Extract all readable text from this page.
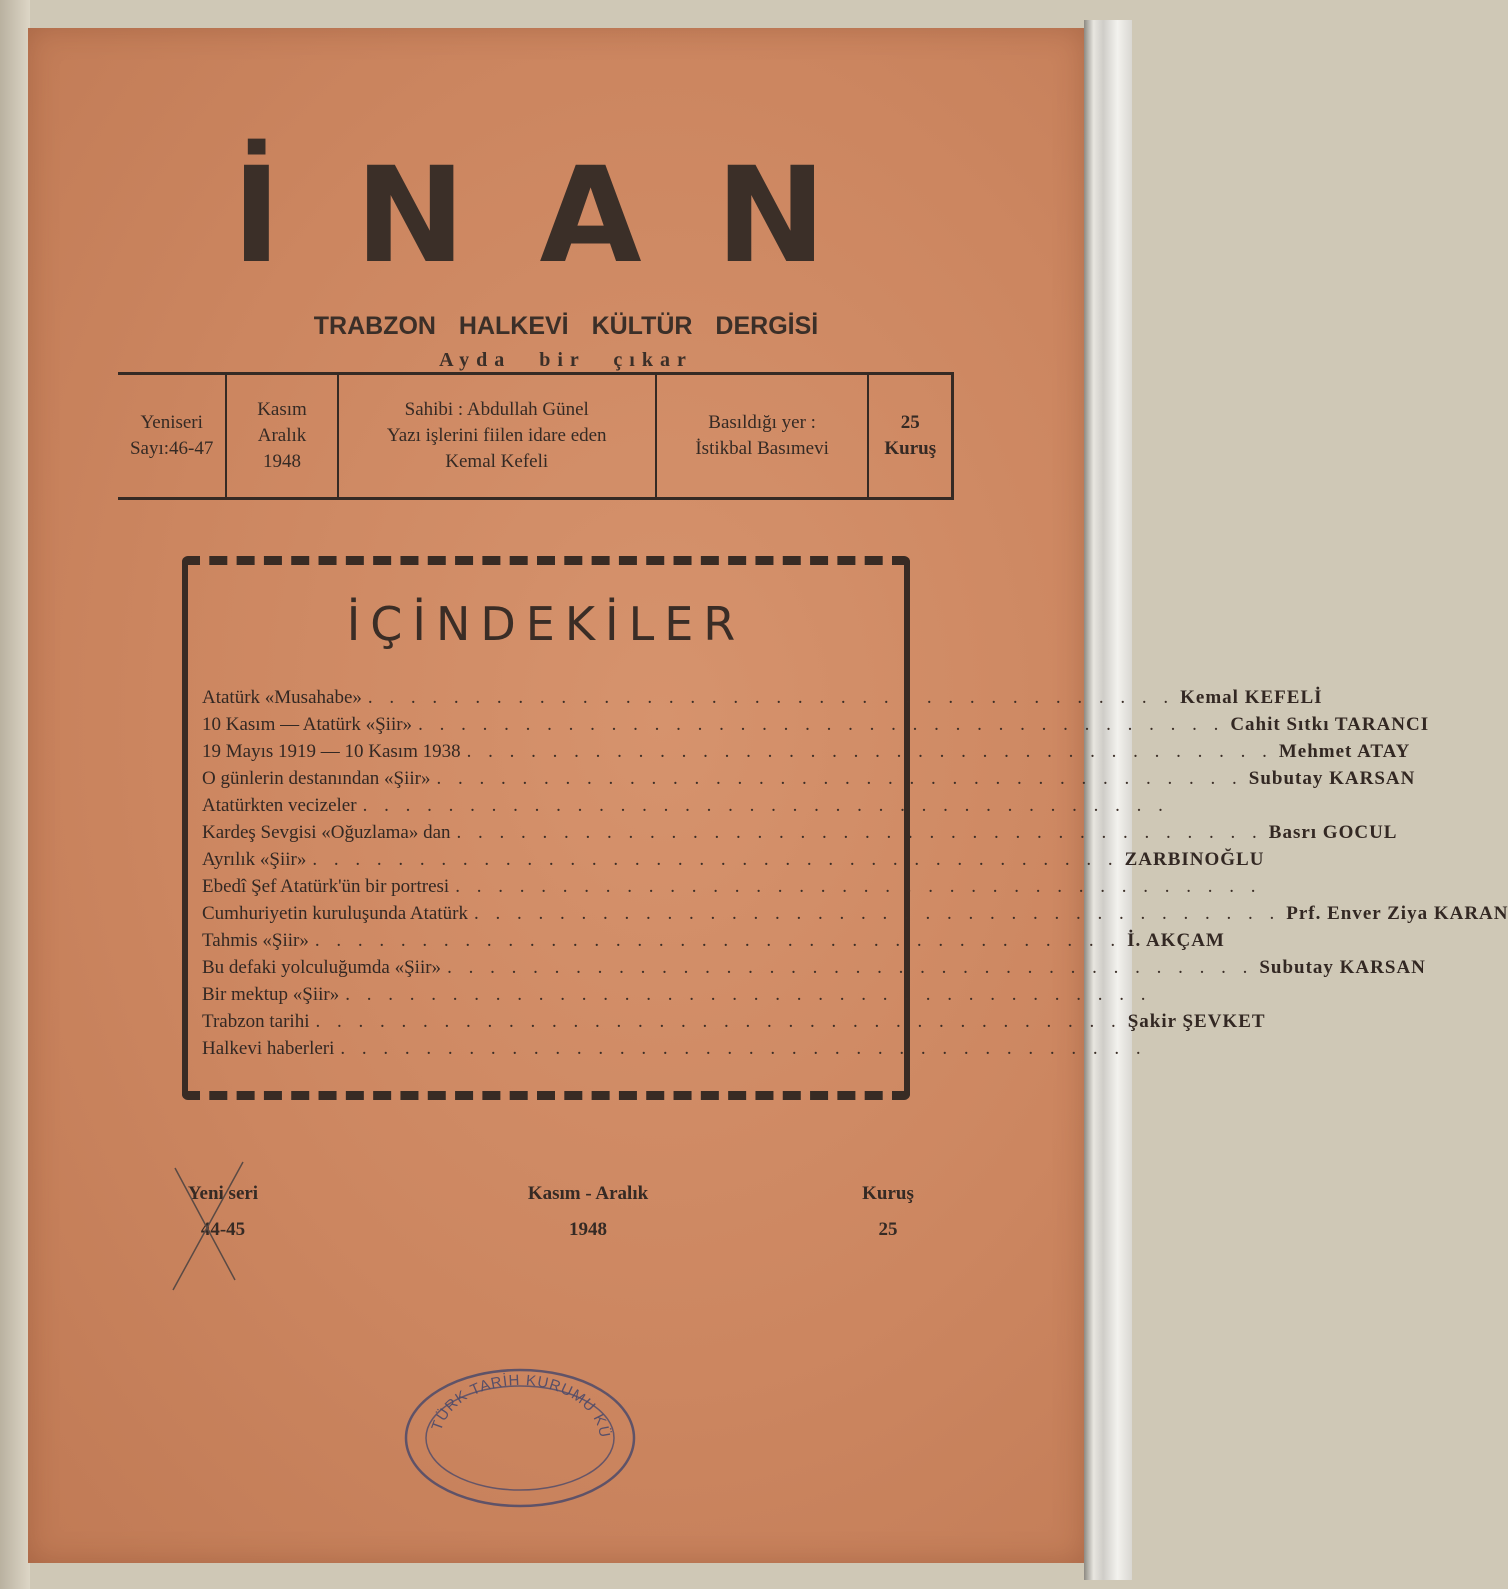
İNAN
TRABZON HALKEVİ KÜLTÜR DERGİSİ
Ayda bir çıkar
Yeniseri
Sayı:46-47
Kasım
Aralık
1948
Sahibi : Abdullah Günel
Yazı işlerini fiilen idare eden
Kemal Kefeli
Basıldığı yer :
İstikbal Basımevi
25
Kuruş
İÇİNDEKİLER
Atatürk «Musahabe» . . . . . . . . . . . . . . . . . . . . . . . . . . . . . . . . . . . . . . Kemal KEFELİ
10 Kasım — Atatürk «Şiir» . . . . . . . . . . . . . . . . . . . . . . . . . . . . . . . . . . . . . . Cahit Sıtkı TARANCI
19 Mayıs 1919 — 10 Kasım 1938 . . . . . . . . . . . . . . . . . . . . . . . . . . . . . . . . . . . . . . Mehmet ATAY
O günlerin destanından «Şiir» . . . . . . . . . . . . . . . . . . . . . . . . . . . . . . . . . . . . . . Subutay KARSAN
Atatürkten vecizeler . . . . . . . . . . . . . . . . . . . . . . . . . . . . . . . . . . . . . .
Kardeş Sevgisi «Oğuzlama» dan . . . . . . . . . . . . . . . . . . . . . . . . . . . . . . . . . . . . . . Basrı GOCUL
Ayrılık «Şiir» . . . . . . . . . . . . . . . . . . . . . . . . . . . . . . . . . . . . . . ZARBINOĞLU
Ebedî Şef Atatürk'ün bir portresi . . . . . . . . . . . . . . . . . . . . . . . . . . . . . . . . . . . . . .
Cumhuriyetin kuruluşunda Atatürk . . . . . . . . . . . . . . . . . . . . . . . . . . . . . . . . . . . . . . Prf. Enver Ziya KARAN
Tahmis «Şiir» . . . . . . . . . . . . . . . . . . . . . . . . . . . . . . . . . . . . . . İ. AKÇAM
Bu defaki yolculuğumda «Şiir» . . . . . . . . . . . . . . . . . . . . . . . . . . . . . . . . . . . . . . Subutay KARSAN
Bir mektup «Şiir» . . . . . . . . . . . . . . . . . . . . . . . . . . . . . . . . . . . . . .
Trabzon tarihi . . . . . . . . . . . . . . . . . . . . . . . . . . . . . . . . . . . . . . Şakir ŞEVKET
Halkevi haberleri . . . . . . . . . . . . . . . . . . . . . . . . . . . . . . . . . . . . . .
Yeni seri
44-45
Kasım - Aralık
1948
Kuruş
25
TÜRK TARİH KURUMU KÜ
